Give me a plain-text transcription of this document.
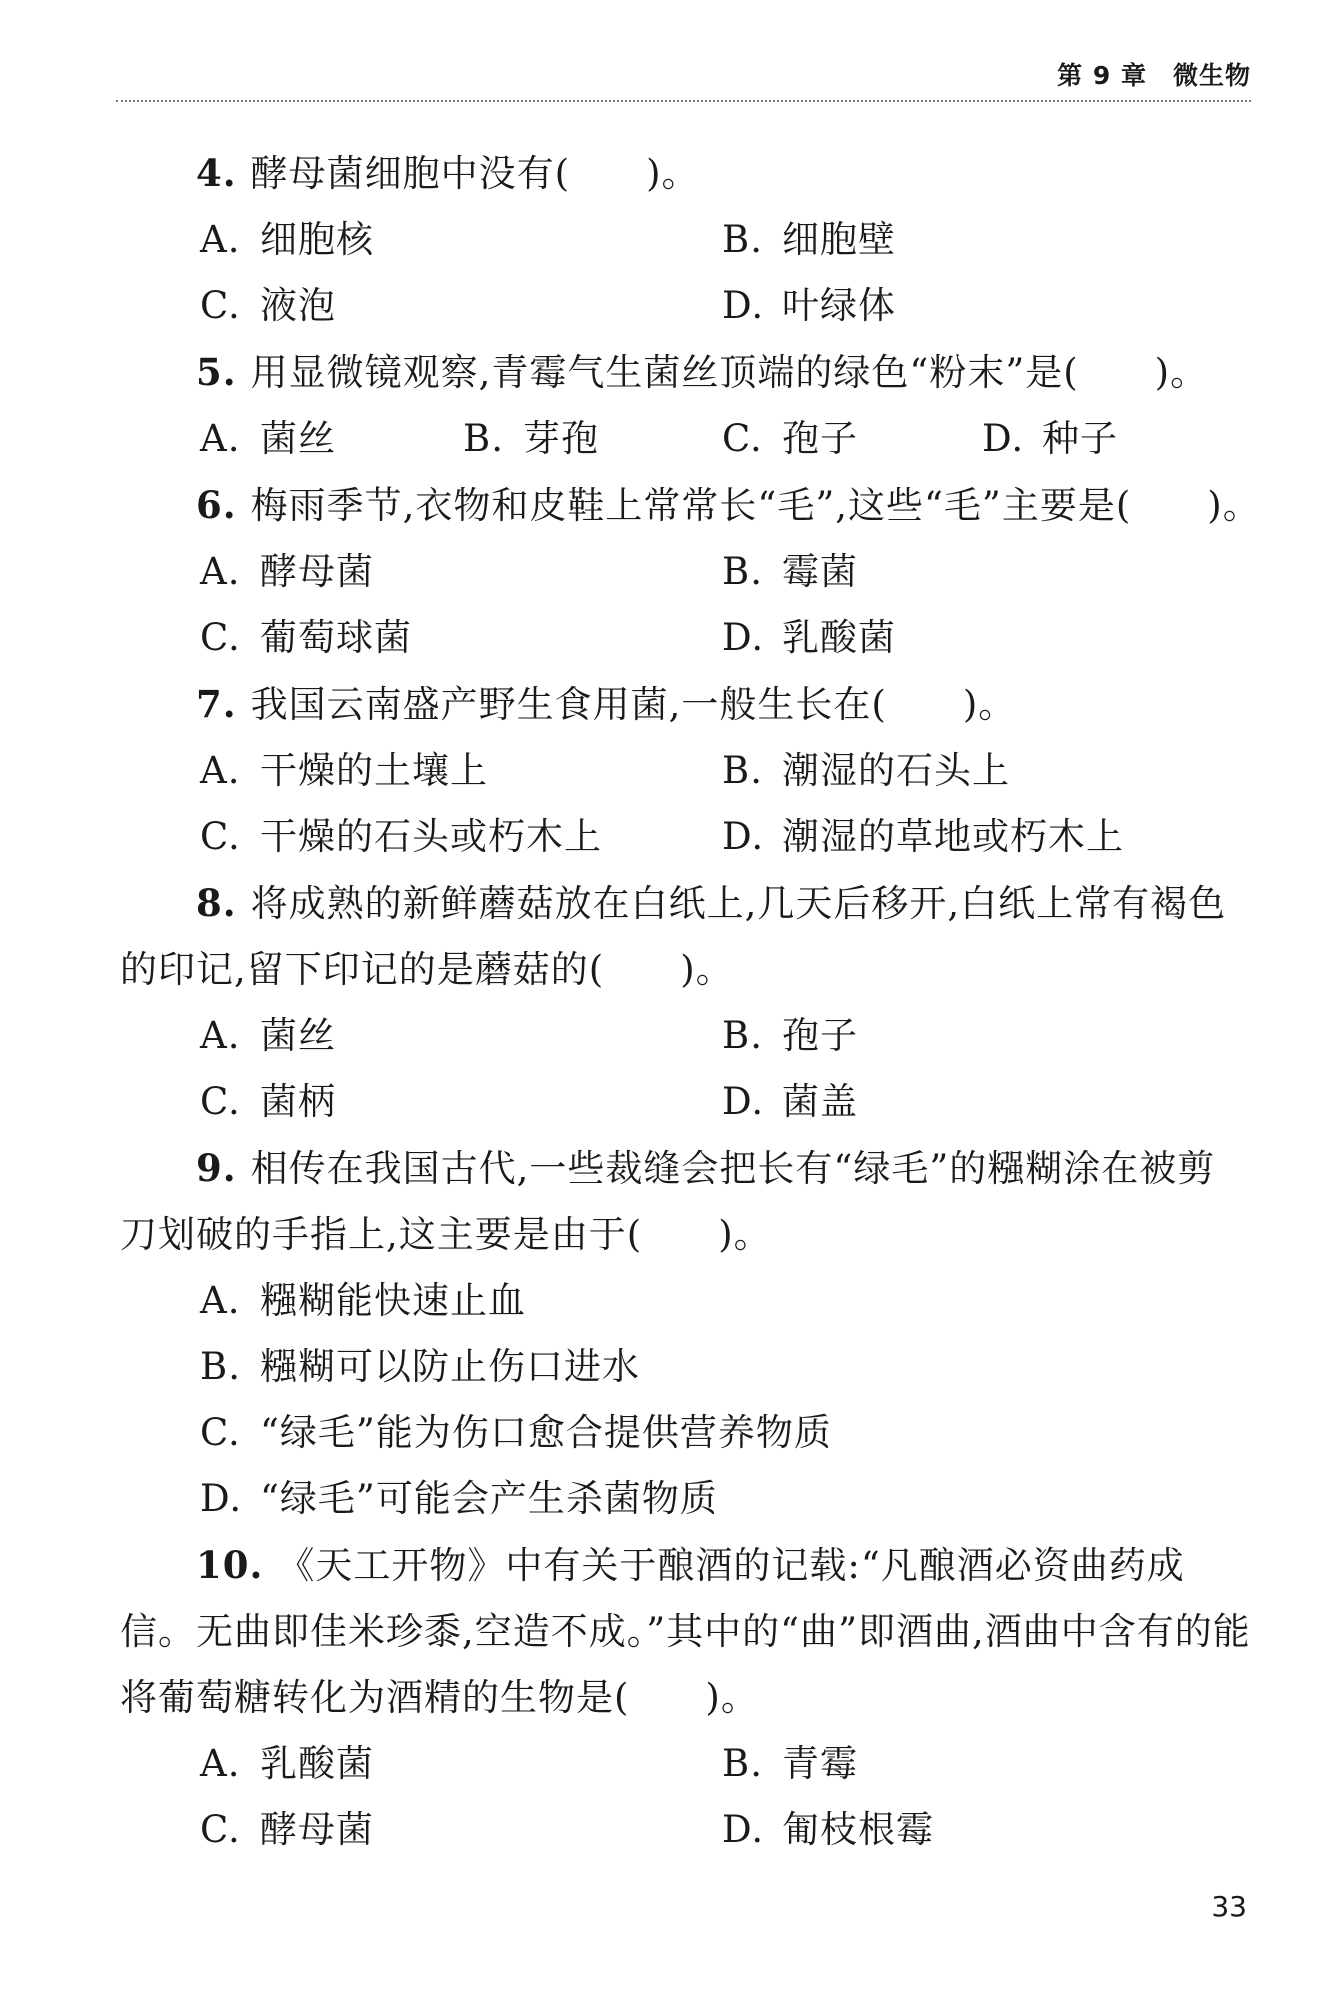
第 9 章 微生物

4. 酵母菌细胞中没有(　　)。

A. 细胞核	B. 细胞壁
C. 液泡	D. 叶绿体

5. 用显微镜观察,青霉气生菌丝顶端的绿色“粉末”是(　　)。

A. 菌丝	B. 芽孢	C. 孢子	D. 种子

6. 梅雨季节,衣物和皮鞋上常常长“毛”,这些“毛”主要是(　　)。

A. 酵母菌	B. 霉菌
C. 葡萄球菌	D. 乳酸菌

7. 我国云南盛产野生食用菌,一般生长在(　　)。

A. 干燥的土壤上	B. 潮湿的石头上
C. 干燥的石头或朽木上	D. 潮湿的草地或朽木上

8. 将成熟的新鲜蘑菇放在白纸上,几天后移开,白纸上常有褐色的印记,留下印记的是蘑菇的(　　)。

A. 菌丝	B. 孢子
C. 菌柄	D. 菌盖

9. 相传在我国古代,一些裁缝会把长有“绿毛”的糨糊涂在被剪刀划破的手指上,这主要是由于(　　)。

A. 糨糊能快速止血
B. 糨糊可以防止伤口进水
C. “绿毛”能为伤口愈合提供营养物质
D. “绿毛”可能会产生杀菌物质

10. 《天工开物》中有关于酿酒的记载:“凡酿酒必资曲药成信。无曲即佳米珍黍,空造不成。”其中的“曲”即酒曲,酒曲中含有的能将葡萄糖转化为酒精的生物是(　　)。

A. 乳酸菌	B. 青霉
C. 酵母菌	D. 匍枝根霉
33
